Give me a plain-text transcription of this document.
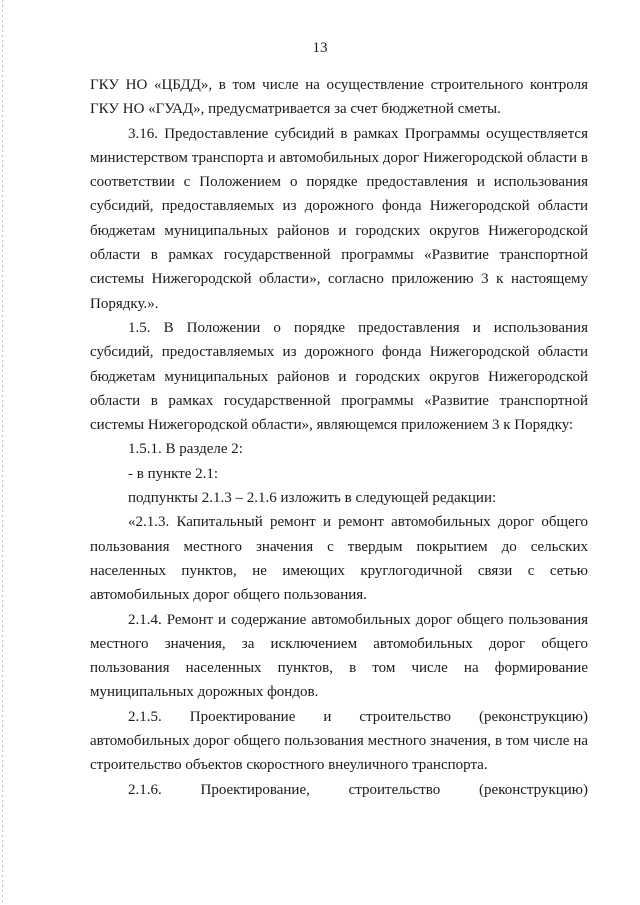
13

ГКУ НО «ЦБДД», в том числе на осуществление строительного контроля ГКУ НО «ГУАД», предусматривается за счет бюджетной сметы.

3.16. Предоставление субсидий в рамках Программы осуществляется министерством транспорта и автомобильных дорог Нижегородской области в соответствии с Положением о порядке предоставления и использования субсидий, предоставляемых из дорожного фонда Нижегородской области бюджетам муниципальных районов и городских округов Нижегородской области в рамках государственной программы «Развитие транспортной системы Нижегородской области», согласно приложению 3 к настоящему Порядку.».

1.5. В Положении о порядке предоставления и использования субсидий, предоставляемых из дорожного фонда Нижегородской области бюджетам муниципальных районов и городских округов Нижегородской области в рамках государственной программы «Развитие транспортной системы Нижегородской области», являющемся приложением 3 к Порядку:

1.5.1. В разделе 2:

- в пункте 2.1:

подпункты 2.1.3 – 2.1.6 изложить в следующей редакции:

«2.1.3. Капитальный ремонт и ремонт автомобильных дорог общего пользования местного значения с твердым покрытием до сельских населенных пунктов, не имеющих круглогодичной связи с сетью автомобильных дорог общего пользования.

2.1.4. Ремонт и содержание автомобильных дорог общего пользования местного значения, за исключением автомобильных дорог общего пользования населенных пунктов, в том числе на формирование муниципальных дорожных фондов.

2.1.5. Проектирование и строительство (реконструкцию) автомобильных дорог общего пользования местного значения, в том числе на строительство объектов скоростного внеуличного транспорта.

2.1.6. Проектирование, строительство (реконструкцию)
